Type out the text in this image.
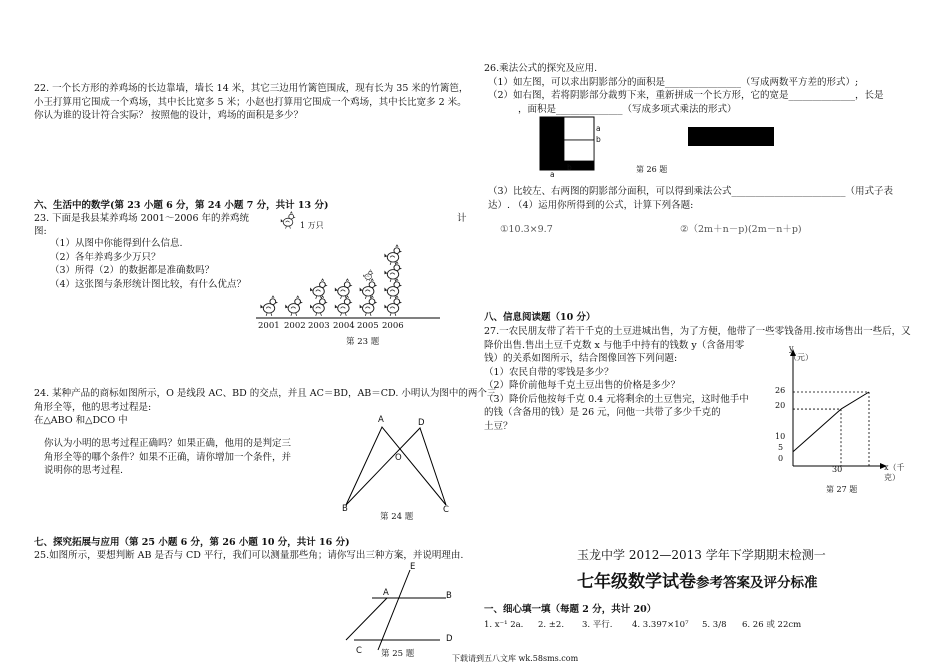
22. 一个长方形的养鸡场的长边靠墙，墙长 14 米，其它三边用竹篱笆围成，现有长为 35 米的竹篱笆，
小王打算用它围成一个鸡场，其中长比宽多 5 米；小赵也打算用它围成一个鸡场，其中长比宽多 2 米。
你认为谁的设计符合实际？ 按照他的设计，鸡场的面积是多少？
六、生活中的数学(第 23 小题 6 分，第 24 小题 7 分，共计 13 分)
23. 下面是我县某养鸡场 2001～2006 年的养鸡统	计
图:
（1）从图中你能得到什么信息.
（2）各年养鸡多少万只？
（3）所得（2）的数据都是准确数吗？
（4）这张图与条形统计图比较，有什么优点？
1 万只
2001 2002 2003 2004 2005 2006
第 23 题
24. 某种产品的商标如图所示，O 是线段 AC、BD 的交点，并且 AC＝BD，AB＝CD. 小明认为图中的两个三
角形全等，他的思考过程是:
在△ABO 和△DCO 中
你认为小明的思考过程正确吗？如果正确，他用的是判定三
角形全等的哪个条件？如果不正确，请你增加一个条件，并
说明你的思考过程.
A	D
O
B	C
第 24 题
七、探究拓展与应用（第 25 小题 6 分，第 26 小题 10 分，共计 16 分)
25.如图所示，要想判断 AB 是否与 CD 平行，我们可以测量那些角；请你写出三种方案，并说明理由.
E
A	B
C
D
第 25 题
26.乘法公式的探究及应用.
（1）如左图，可以求出阴影部分的面积是________________（写成两数平方差的形式）;
（2）如右图，若将阴影部分裁剪下来，重新拼成一个长方形，它的宽是______________，长是
，面积是______________（写成多项式乘法的形式）
a
b
b
a
第 26 题
（3）比较左、右两图的阴影部分面积，可以得到乘法公式________________________（用式子表
达）. （4）运用你所得到的公式，计算下列各题:
①10.3×9.7	②（2m＋n－p)(2m－n＋p)
八、信息阅读题（10 分）
27.一农民朋友带了若干千克的土豆进城出售，为了方便，他带了一些零钱备用.按市场售出一些后，又
降价出售.售出土豆千克数 x 与他手中持有的钱数 y（含备用零
钱）的关系如图所示，结合图像回答下列问题:
（1）农民自带的零钱是多少？
（2）降价前他每千克土豆出售的价格是多少？
（3）降价后他按每千克 0.4 元将剩余的土豆售完，这时他手中
的钱（含备用的钱）是 26 元，问他一共带了多少千克的
土豆？
y
（元）
x（千克）
26
20
10
5
0
30
第 27 题
玉龙中学 2012—2013 学年下学期期末检测一
七年级数学试卷参考答案及评分标准
一、细心填一填（每题 2 分，共计 20）
1. x⁻¹ 2a. 2. ±2. 3. 平行. 4. 3.397×10⁷ 5. 3/8 6. 26 或 22cm
下载请到五八文库 wk.58sms.com
